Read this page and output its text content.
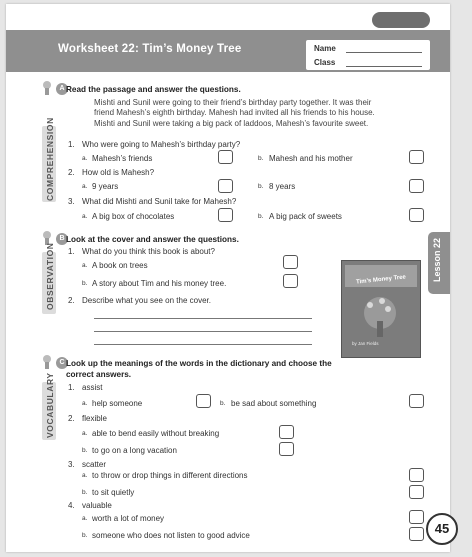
Worksheet 22: Tim’s Money Tree	Name
Class
A Read the passage and answer the questions.
COMPREHENSION
Mishti and Sunil were going to their friend’s birthday party together. It was their
friend Mahesh’s eighth birthday. Mahesh had invited all his friends to his house.
Mishti and Sunil were taking a big pack of laddoos, Mahesh’s favourite sweet.
1. Who were going to Mahesh’s birthday party?
a. Mahesh’s friends	b. Mahesh and his mother
2. How old is Mahesh?
a. 9 years	b. 8 years
3. What did Mishti and Sunil take for Mahesh?
a. A big box of chocolates	b. A big pack of sweets
B Look at the cover and answer the questions.
OBSERVATION 1. What do you think this book is about?
a. A book on trees
b. A story about Tim and his money tree.
2. Describe what you see on the cover.
Tim’s Money Tree
by Jan Fields
C Look up the meanings of the words in the dictionary and choose the
correct answers.
VOCABULARY 1. assist
a. help someone	b. be sad about something
2. flexible
a. able to bend easily without breaking
b. to go on a long vacation
3. scatter
a. to throw or drop things in different directions
b. to sit quietly
4. valuable
a. worth a lot of money
b. someone who does not listen to good advice
Lesson 22
45
